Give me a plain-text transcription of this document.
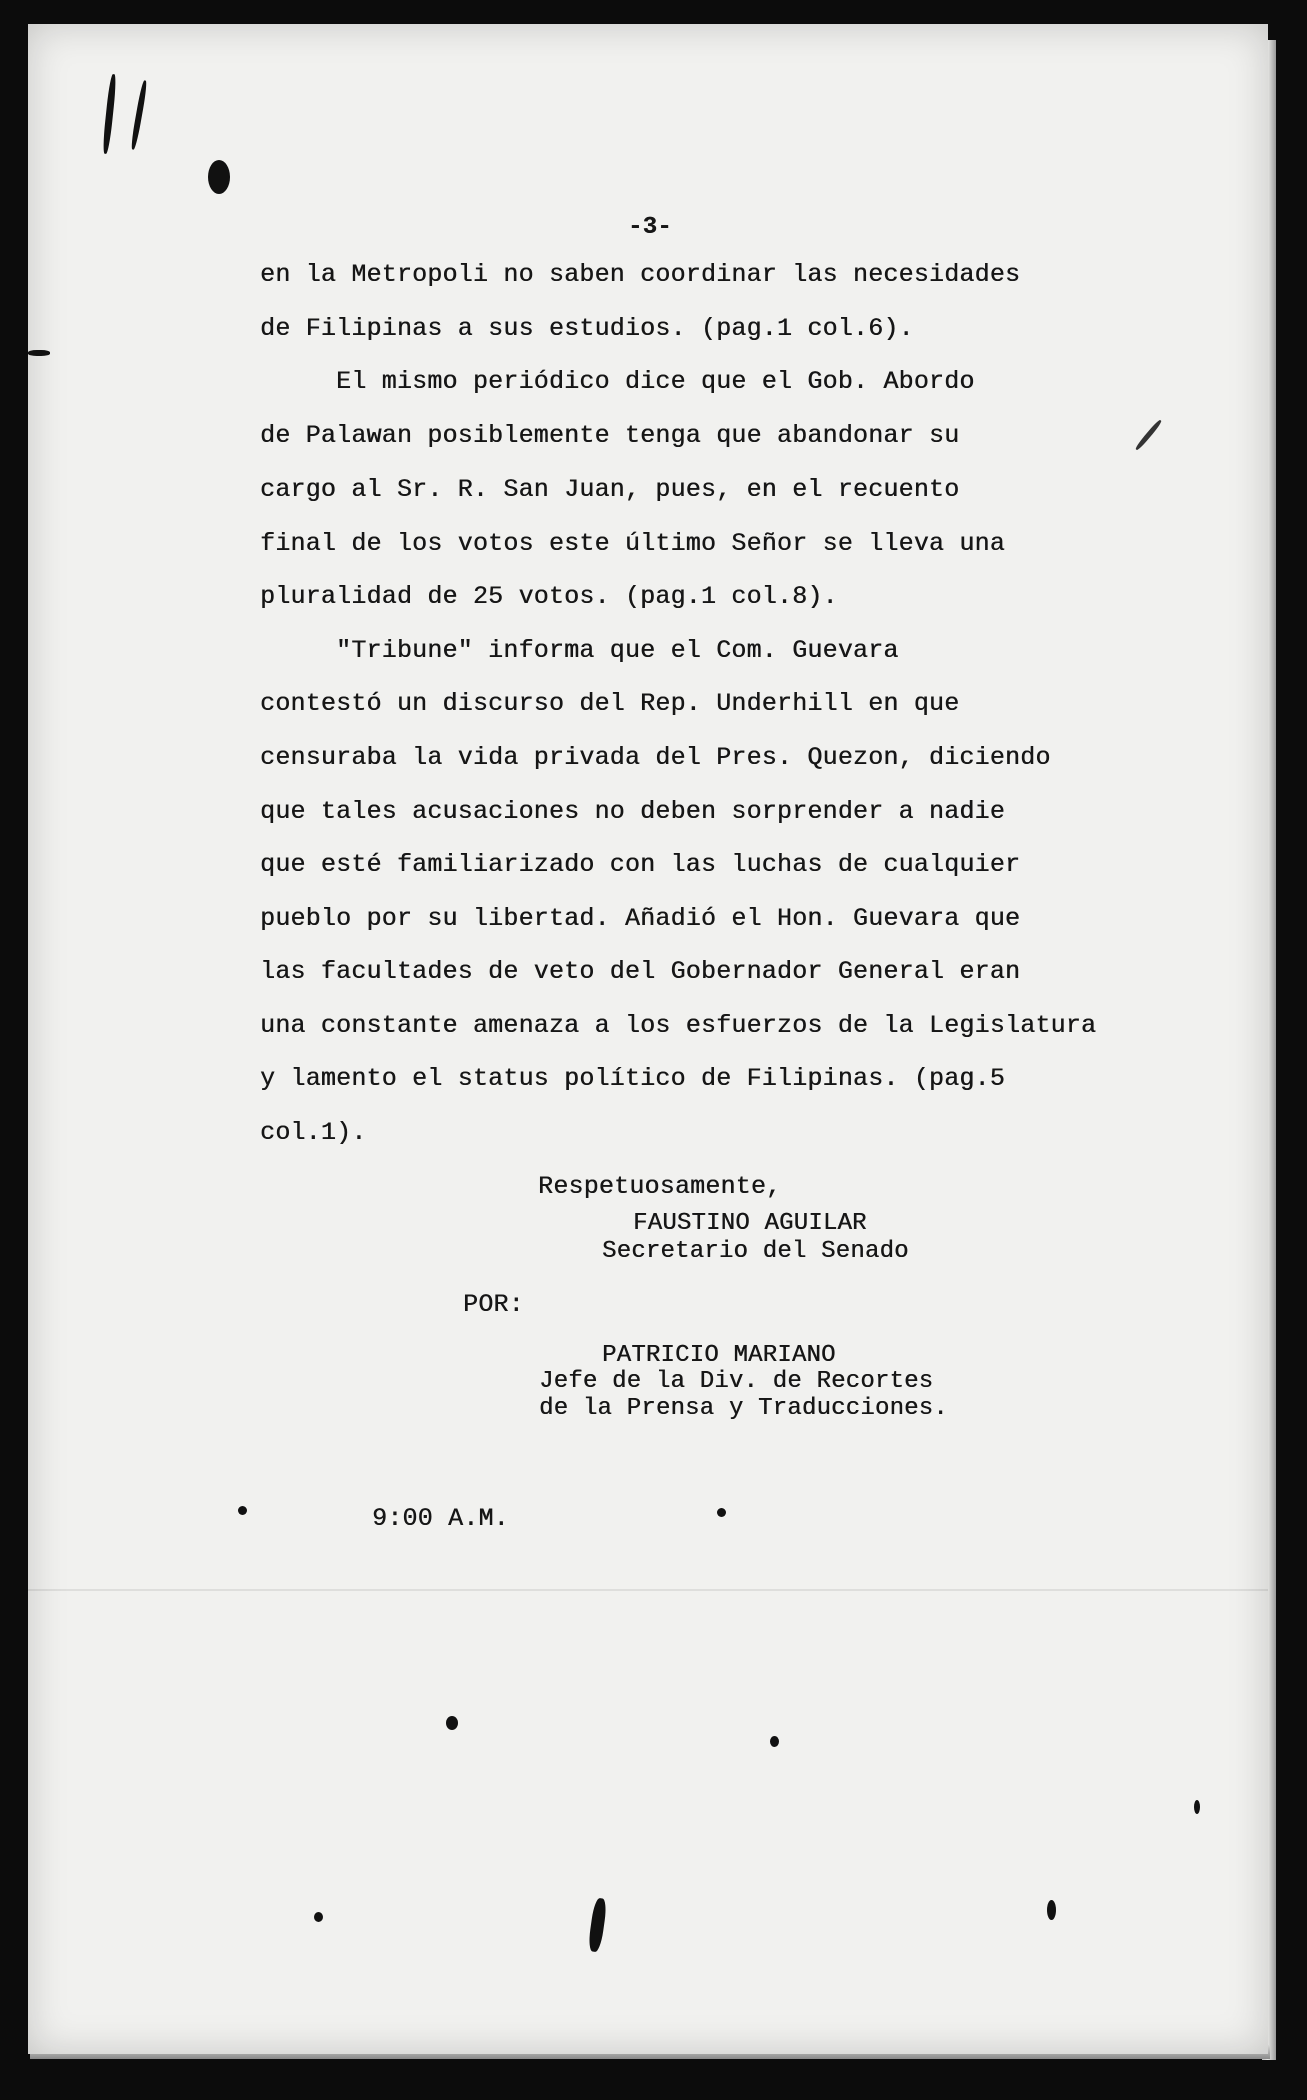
-3-
en la Metropoli no saben coordinar las necesidades
de Filipinas a sus estudios. (pag.1 col.6).
El mismo periódico dice que el Gob. Abordo
de Palawan posiblemente tenga que abandonar su
cargo al Sr. R. San Juan, pues, en el recuento
final de los votos este último Señor se lleva una
pluralidad de 25 votos. (pag.1 col.8).
"Tribune" informa que el Com. Guevara
contestó un discurso del Rep. Underhill en que
censuraba la vida privada del Pres. Quezon, diciendo
que tales acusaciones no deben sorprender a nadie
que esté familiarizado con las luchas de cualquier
pueblo por su libertad. Añadió el Hon. Guevara que
las facultades de veto del Gobernador General eran
una constante amenaza a los esfuerzos de la Legislatura
y lamento el status político de Filipinas. (pag.5
col.1).
Respetuosamente,
FAUSTINO AGUILAR
Secretario del Senado
POR:
PATRICIO MARIANO
Jefe de la Div. de Recortes
de la Prensa y Traducciones.
9:00 A.M.
